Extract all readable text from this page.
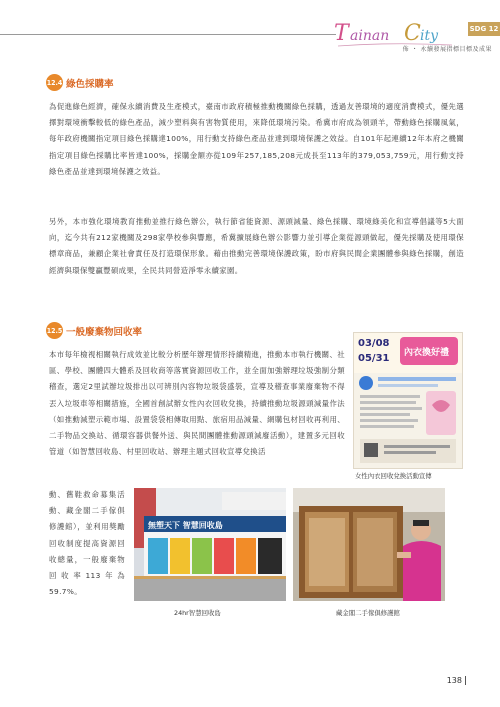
T ainan C ity	SDG 12
佈 ・ 永續發展指標目標及成果
12.4 綠色採購率
為促進綠色經濟，確保永續消費及生產模式，臺南市政府積極推動機關綠色採購，透過友善環境的適度消費模式，優先選擇對環境衝擊較低的綠色產品，減少塑料與有害物質使用，來降低環境污染。希冀市府成為領頭羊，帶動綠色採購風氣，每年政府機關指定項目綠色採購達100%，用行動支持綠色產品並達到環境保護之效益。自101年起連續12年本府之機關指定項目綠色採購比率皆達100%，採購金額亦從109年257,185,208元成長至113年的379,053,759元，用行動支持綠色產品並達到環境保護之效益。
另外，本市強化環境教育推動並推行綠色辦公，執行節省能資源、源頭減量、綠色採購、環境綠美化和宣導倡議等5大面向，迄今共有212家機關及298家學校參與響應，希冀擴展綠色辦公影響力並引導企業從源頭做起，優先採購及使用環保標章商品，兼顧企業社會責任及打造環保形象。藉由推動完善環境保護政策，盼市府與民間企業團體參與綠色採購，創造經濟與環保雙贏豐碩成果，全民共同營造淨零永續家園。
12.5 一般廢棄物回收率
本市每年檢視相關執行成效並比較分析歷年辦理情形持續精進，推動本市執行機關、社區、學校、團體四大體系及回收商等落實資源回收工作，並全面加強辦理垃圾強制分類稽查，選定2里試辦垃圾排出以可辨別內容物垃圾袋盛裝，宣導及稽查事業廢棄物不得丟入垃圾車等相關措施，全國首創試辦女性內衣回收兌換，持續推動垃圾源頭減量作法（如推動減塑示範市場、設置袋袋相傳取用點、旅宿用品減量、網購包材回收再利用、二手物品交換站、循環容器供餐外送、與民間團體推動源頭減廢活動），建置多元回收管道（如智慧回收島、村里回收站、辦理主題式回收宣導兌換活
動、舊鞋救命募集活動、藏金閣二手傢俱修護館），並利用獎勵回收制度提高資源回收總量，一般廢棄物回收率113年為59.7%。
03/08
05/31 內衣換好禮
女性內衣回收兌換活動宣傳
無塑天下 智慧回收島
24hr智慧回收島	藏金閣二手傢俱修護館
138
